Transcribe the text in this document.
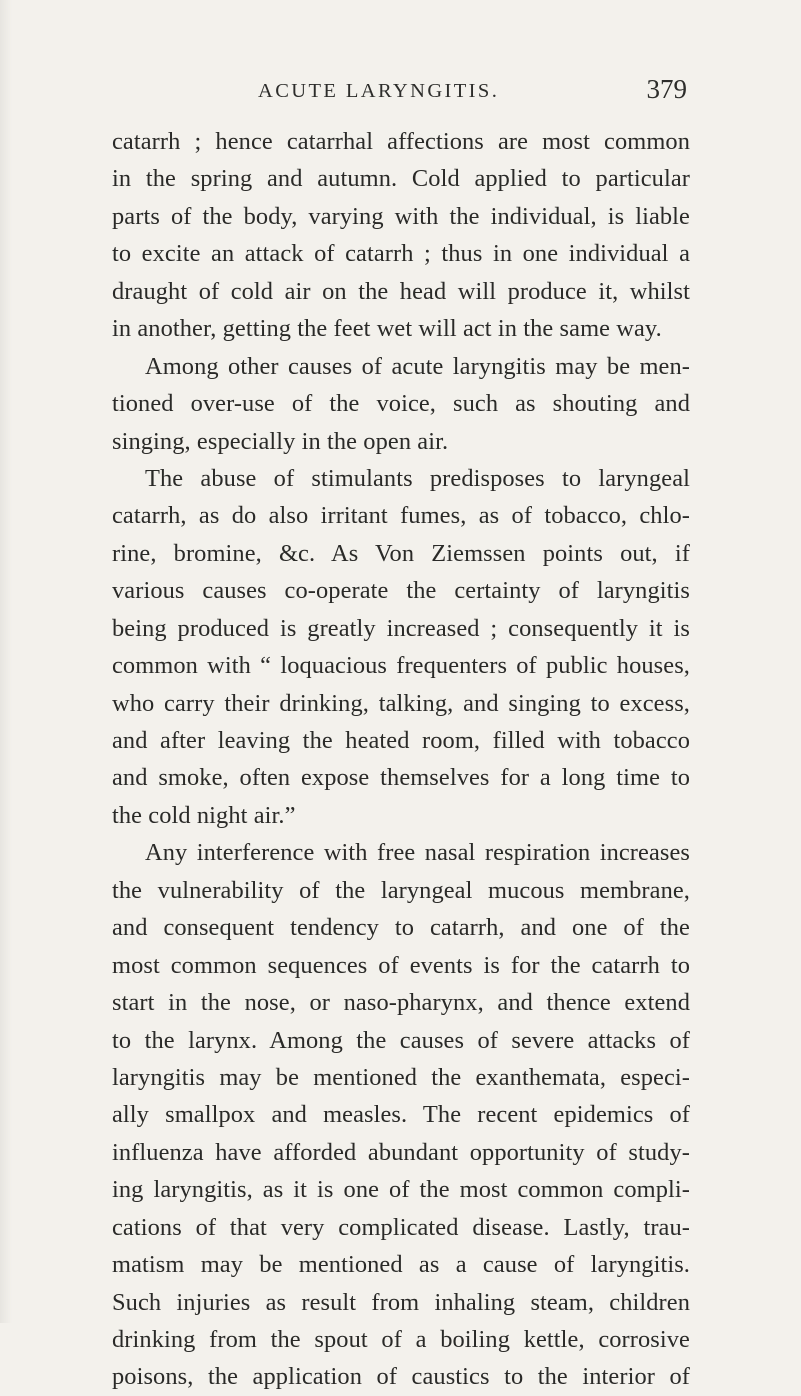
ACUTE LARYNGITIS.	379
catarrh ; hence catarrhal affections are most common
in the spring and autumn. Cold applied to particular
parts of the body, varying with the individual, is liable
to excite an attack of catarrh ; thus in one individual a
draught of cold air on the head will produce it, whilst
in another, getting the feet wet will act in the same way.
Among other causes of acute laryngitis may be men-
tioned over-use of the voice, such as shouting and
singing, especially in the open air.
The abuse of stimulants predisposes to laryngeal
catarrh, as do also irritant fumes, as of tobacco, chlo-
rine, bromine, &c. As Von Ziemssen points out, if
various causes co-operate the certainty of laryngitis
being produced is greatly increased ; consequently it is
common with “ loquacious frequenters of public houses,
who carry their drinking, talking, and singing to excess,
and after leaving the heated room, filled with tobacco
and smoke, often expose themselves for a long time to
the cold night air.”
Any interference with free nasal respiration increases
the vulnerability of the laryngeal mucous membrane,
and consequent tendency to catarrh, and one of the
most common sequences of events is for the catarrh to
start in the nose, or naso-pharynx, and thence extend
to the larynx. Among the causes of severe attacks of
laryngitis may be mentioned the exanthemata, especi-
ally smallpox and measles. The recent epidemics of
influenza have afforded abundant opportunity of study-
ing laryngitis, as it is one of the most common compli-
cations of that very complicated disease. Lastly, trau-
matism may be mentioned as a cause of laryngitis.
Such injuries as result from inhaling steam, children
drinking from the spout of a boiling kettle, corrosive
poisons, the application of caustics to the interior of
